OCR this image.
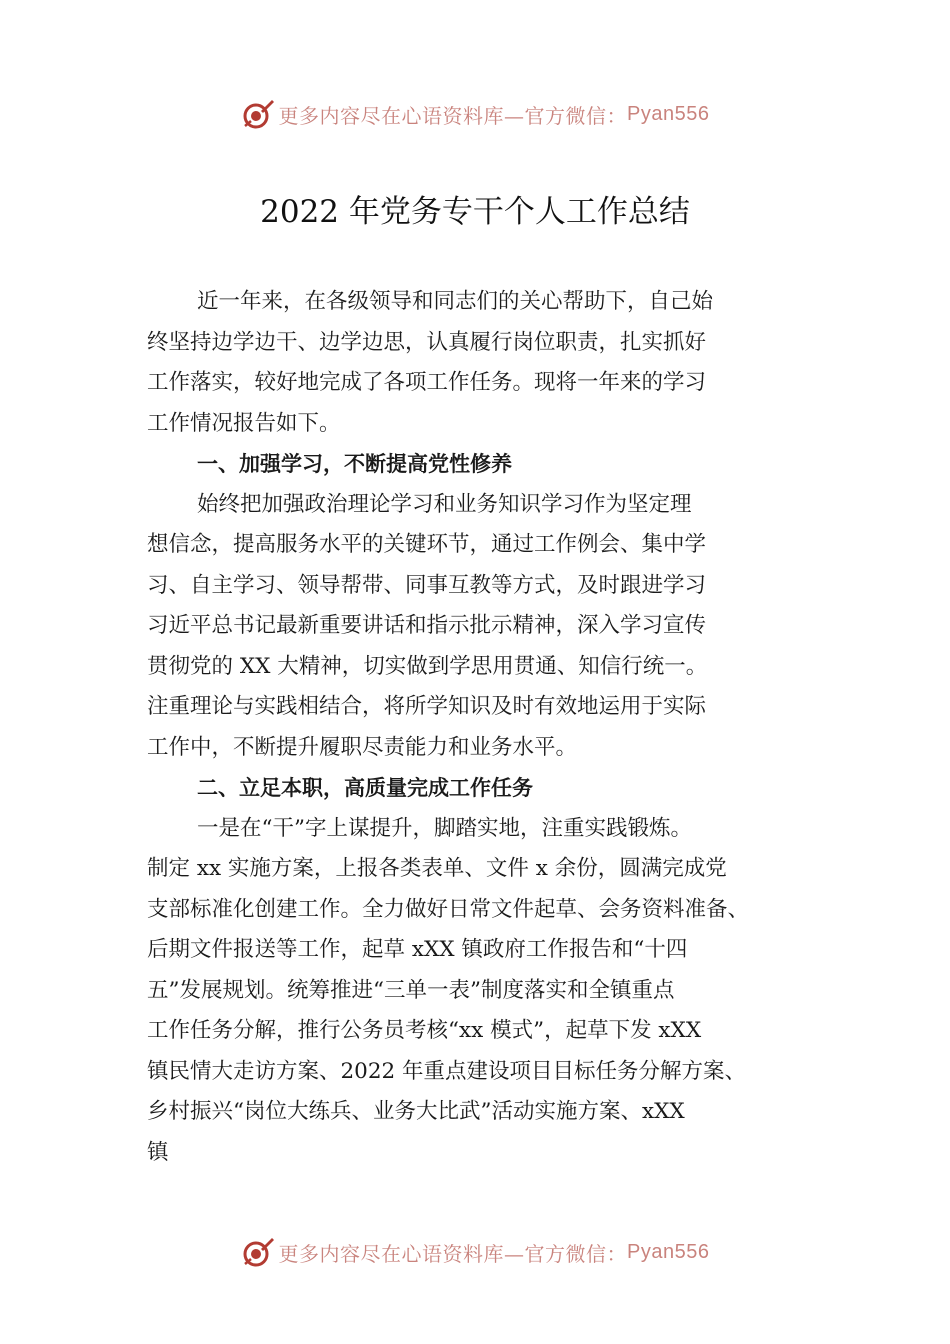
更多内容尽在心语资料库—官方微信： Pyan556
2022 年党务专干个人工作总结
近一年来，在各级领导和同志们的关心帮助下，自己始
终坚持边学边干、边学边思，认真履行岗位职责，扎实抓好
工作落实，较好地完成了各项工作任务。现将一年来的学习
工作情况报告如下。
一、加强学习，不断提高党性修养
始终把加强政治理论学习和业务知识学习作为坚定理
想信念，提高服务水平的关键环节，通过工作例会、集中学
习、自主学习、领导帮带、同事互教等方式，及时跟进学习
习近平总书记最新重要讲话和指示批示精神，深入学习宣传
贯彻党的 XX 大精神，切实做到学思用贯通、知信行统一。
注重理论与实践相结合，将所学知识及时有效地运用于实际
工作中，不断提升履职尽责能力和业务水平。
二、立足本职，高质量完成工作任务
一是在“干”字上谋提升，脚踏实地，注重实践锻炼。
制定 xx 实施方案，上报各类表单、文件 x 余份，圆满完成党
支部标准化创建工作。全力做好日常文件起草、会务资料准备、
后期文件报送等工作，起草 xXX 镇政府工作报告和“十四
五”发展规划。统筹推进“三单一表”制度落实和全镇重点
工作任务分解，推行公务员考核“xx 模式”，起草下发 xXX
镇民情大走访方案、2022 年重点建设项目目标任务分解方案、
乡村振兴“岗位大练兵、业务大比武”活动实施方案、xXX
镇
更多内容尽在心语资料库—官方微信： Pyan556
